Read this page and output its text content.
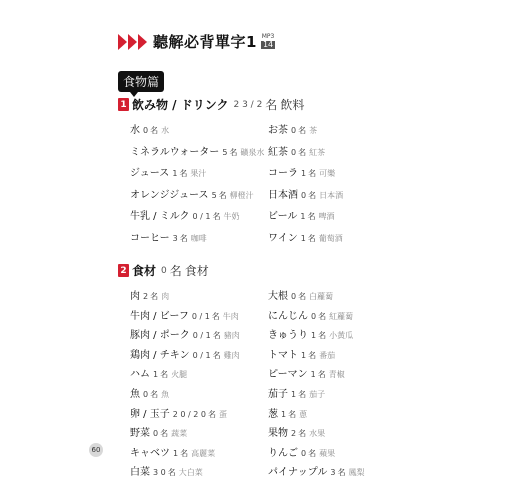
聽解必背單字1 MP3
14
食物篇
1 飲み物 / ドリンク 2 3 / 2 名 飲料
水 0 名 水
ミネラルウォーター 5 名 礦泉水
ジュース 1 名 果汁
オレンジジュース 5 名 柳橙汁
牛乳 / ミルク 0 / 1 名 牛奶
コーヒー 3 名 咖啡
お茶 0 名 茶
紅茶 0 名 紅茶
コーラ 1 名 可樂
日本酒 0 名 日本酒
ビール 1 名 啤酒
ワイン 1 名 葡萄酒
2 食材 0 名 食材
肉 2 名 肉
牛肉 / ビーフ 0 / 1 名 牛肉
豚肉 / ポーク 0 / 1 名 豬肉
鶏肉 / チキン 0 / 1 名 雞肉
ハム 1 名 火腿
魚 0 名 魚
卵 / 玉子 2 0 / 2 0 名 蛋
野菜 0 名 蔬菜
キャベツ 1 名 高麗菜
白菜 3 0 名 大白菜
大根 0 名 白蘿蔔
にんじん 0 名 紅蘿蔔
きゅうり 1 名 小黃瓜
トマト 1 名 番茄
ピーマン 1 名 青椒
茄子 1 名 茄子
葱 1 名 蔥
果物 2 名 水果
りんご 0 名 蘋果
パイナップル 3 名 鳳梨
60
